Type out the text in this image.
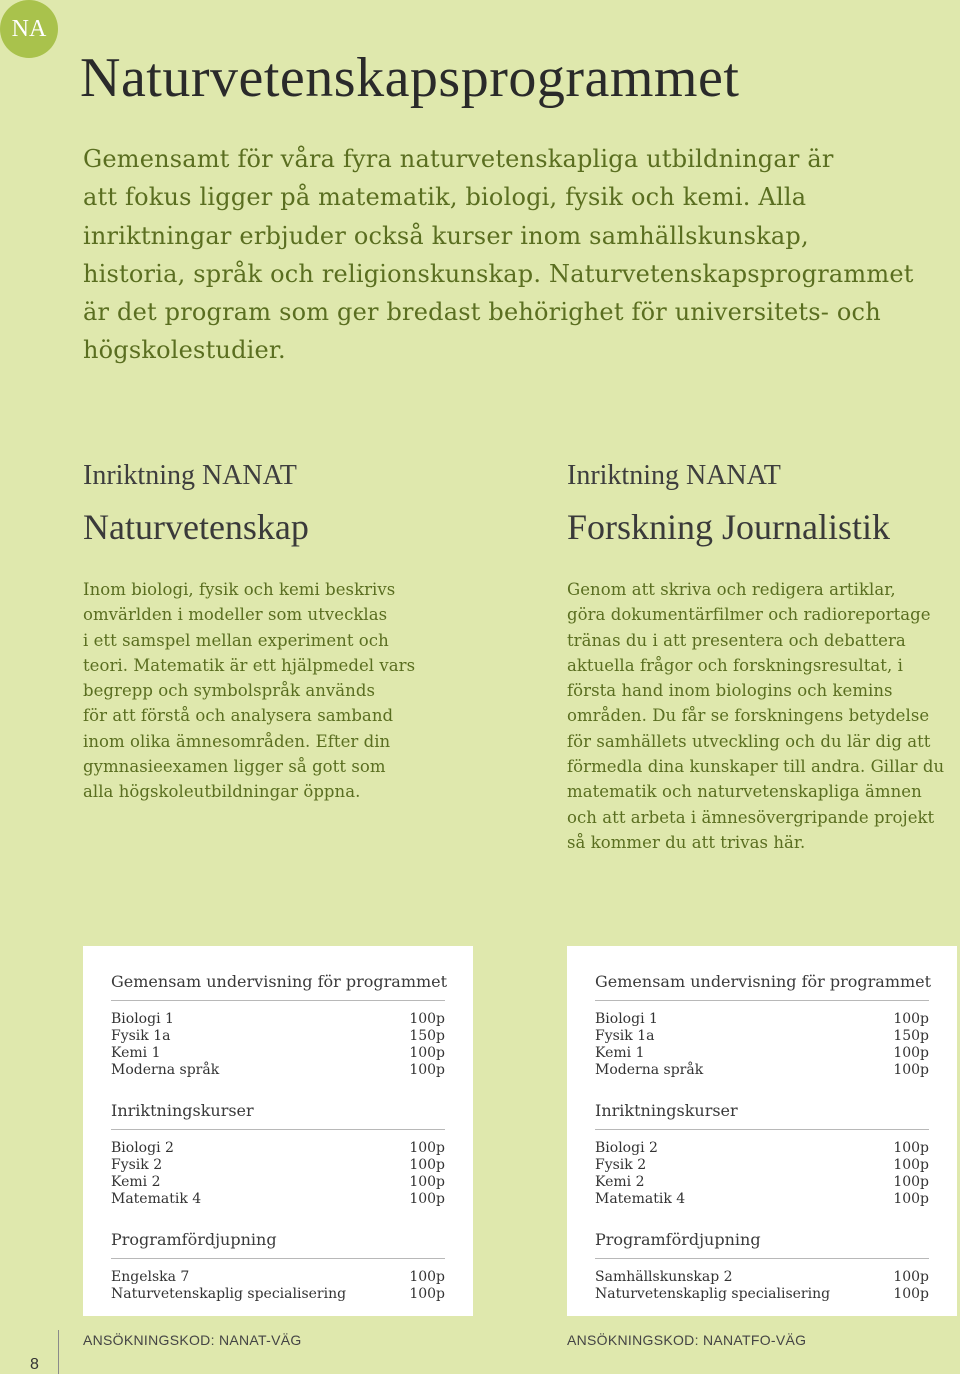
NA
Naturvetenskapsprogrammet

Gemensamt för våra fyra naturvetenskapliga utbildningar är
att fokus ligger på matematik, biologi, fysik och kemi. Alla
inriktningar erbjuder också kurser inom samhällskunskap,
historia, språk och religionskunskap. Naturvetenskapsprogrammet
är det program som ger bredast behörighet för universitets- och
högskolestudier.

Inriktning NANAT
Naturvetenskap
Inom biologi, fysik och kemi beskrivs
omvärlden i modeller som utvecklas
i ett samspel mellan experiment och
teori. Matematik är ett hjälpmedel vars
begrepp och symbolspråk används
för att förstå och analysera samband
inom olika ämnesområden. Efter din
gymnasieexamen ligger så gott som
alla högskoleutbildningar öppna.
Inriktning NANAT
Forskning Journalistik
Genom att skriva och redigera artiklar,
göra dokumentärfilmer och radioreportage
tränas du i att presentera och debattera
aktuella frågor och forskningsresultat, i
första hand inom biologins och kemins
områden. Du får se forskningens betydelse
för samhällets utveckling och du lär dig att
förmedla dina kunskaper till andra. Gillar du
matematik och naturvetenskapliga ämnen
och att arbeta i ämnesövergripande projekt
så kommer du att trivas här.
Gemensam undervisning för programmet
Biologi 1	100p
Fysik 1a	150p
Kemi 1	100p
Moderna språk	100p
Inriktningskurser
Biologi 2	100p
Fysik 2	100p
Kemi 2	100p
Matematik 4	100p
Programfördjupning
Engelska 7	100p
Naturvetenskaplig specialisering	100p
Gemensam undervisning för programmet
Biologi 1	100p
Fysik 1a	150p
Kemi 1	100p
Moderna språk	100p
Inriktningskurser
Biologi 2	100p
Fysik 2	100p
Kemi 2	100p
Matematik 4	100p
Programfördjupning
Samhällskunskap 2	100p
Naturvetenskaplig specialisering	100p
ANSÖKNINGSKOD: NANAT-VÄG	ANSÖKNINGSKOD: NANATFO-VÄG
8
